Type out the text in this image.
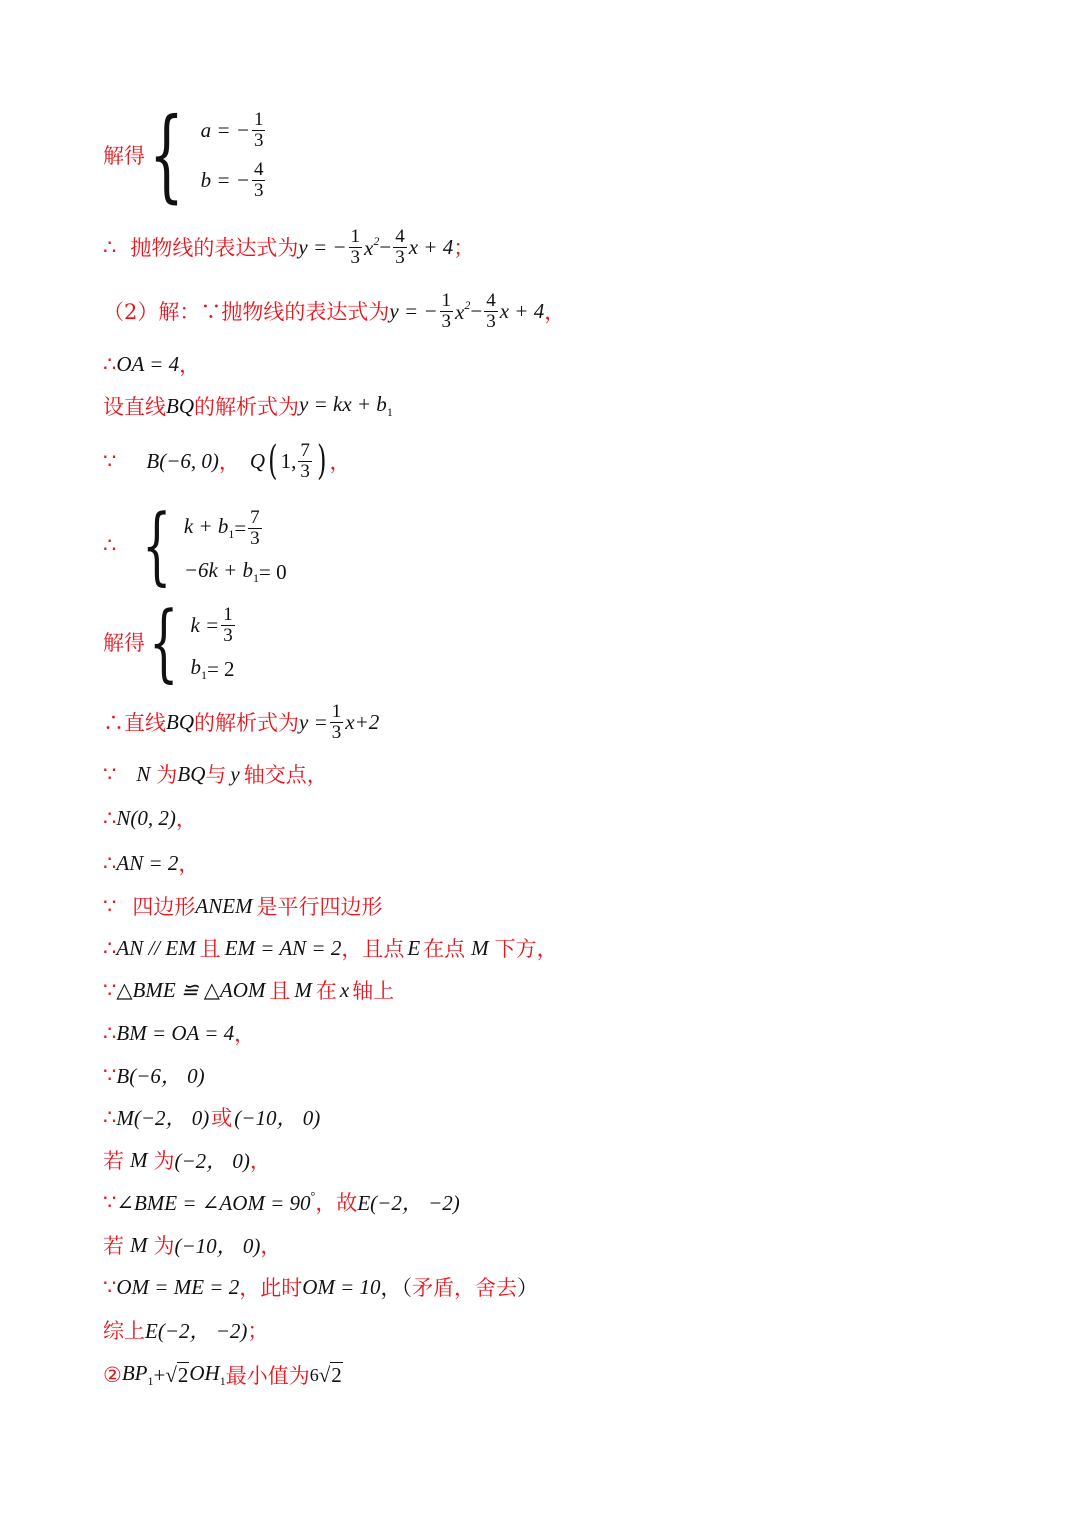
解得 { a = − $\frac{1}{3}$
b = − $\frac{4}{3}$
∴ 抛物线的表达式为 y = − $\frac{1}{3} x^2 - \frac{4}{3}$ x + 4 ；
（2）解：∵抛物线的表达式为 y = − $\frac{1}{3} x^2 - \frac{4}{3}$ x + 4 ，
∴ OA = 4 ，
设直线 BQ 的解析式为 y = kx + $b_1$
∵ B(−6, 0) ， Q ( 1, $\frac{7}{3}$ ) ，
∴ { $k + b_1 = \frac{7}{3}$
$-6k + b_1 = 0$
解得 { $k = \frac{1}{3}$
$b_1 = 2$
∴直线 BQ 的解析式为 $y = \frac{1}{3} x+2$
∵ N 为 BQ 与 y 轴交点，
∴ N(0, 2) ，
∴ AN = 2 ，
∵ 四边形 ANEM 是平行四边形
∴ AN // EM 且 EM = AN = 2 ，且点 E 在点 M 下方，
∵ △BME ≌ △AOM 且 M 在 x 轴上
∴ BM = OA = 4 ，
∵ B(−6， 0)
∴ M(−2， 0) 或 (−10， 0)
若 M 为 (−2， 0) ，
∵ ∠BME = ∠AOM = 90° ，故 E(−2， −2)
若 M 为 (−10， 0) ，
∵ OM = ME = 2 ，此时 OM = 10 ，（ 矛盾，舍去 ）
综上 E(−2， −2) ；
② $BP_1$ + √ 2 $OH_1$ 最小值为 6 √ 2
